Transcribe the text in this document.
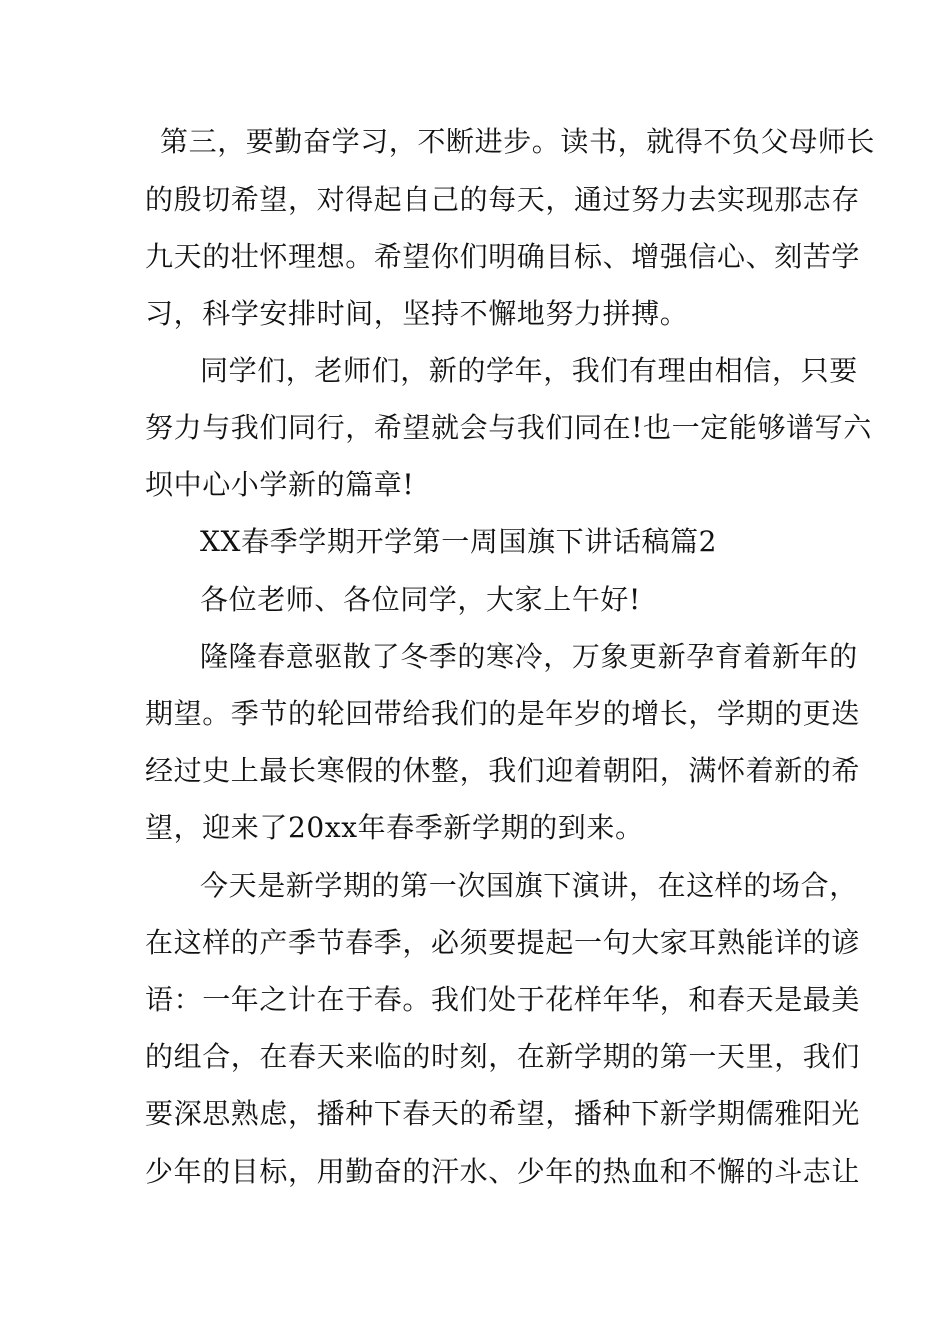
第三，要勤奋学习，不断进步。读书，就得不负父母师长

的殷切希望，对得起自己的每天，通过努力去实现那志存

九天的壮怀理想。希望你们明确目标、增强信心、刻苦学

习，科学安排时间，坚持不懈地努力拼搏。

同学们，老师们，新的学年，我们有理由相信，只要

努力与我们同行，希望就会与我们同在!也一定能够谱写六

坝中心小学新的篇章!

XX春季学期开学第一周国旗下讲话稿篇2

各位老师、各位同学，大家上午好!

隆隆春意驱散了冬季的寒冷，万象更新孕育着新年的

期望。季节的轮回带给我们的是年岁的增长，学期的更迭

经过史上最长寒假的休整，我们迎着朝阳，满怀着新的希

望，迎来了20xx年春季新学期的到来。

今天是新学期的第一次国旗下演讲，在这样的场合，

在这样的产季节春季，必须要提起一句大家耳熟能详的谚

语：一年之计在于春。我们处于花样年华，和春天是最美

的组合，在春天来临的时刻，在新学期的第一天里，我们

要深思熟虑，播种下春天的希望，播种下新学期儒雅阳光

少年的目标，用勤奋的汗水、少年的热血和不懈的斗志让
